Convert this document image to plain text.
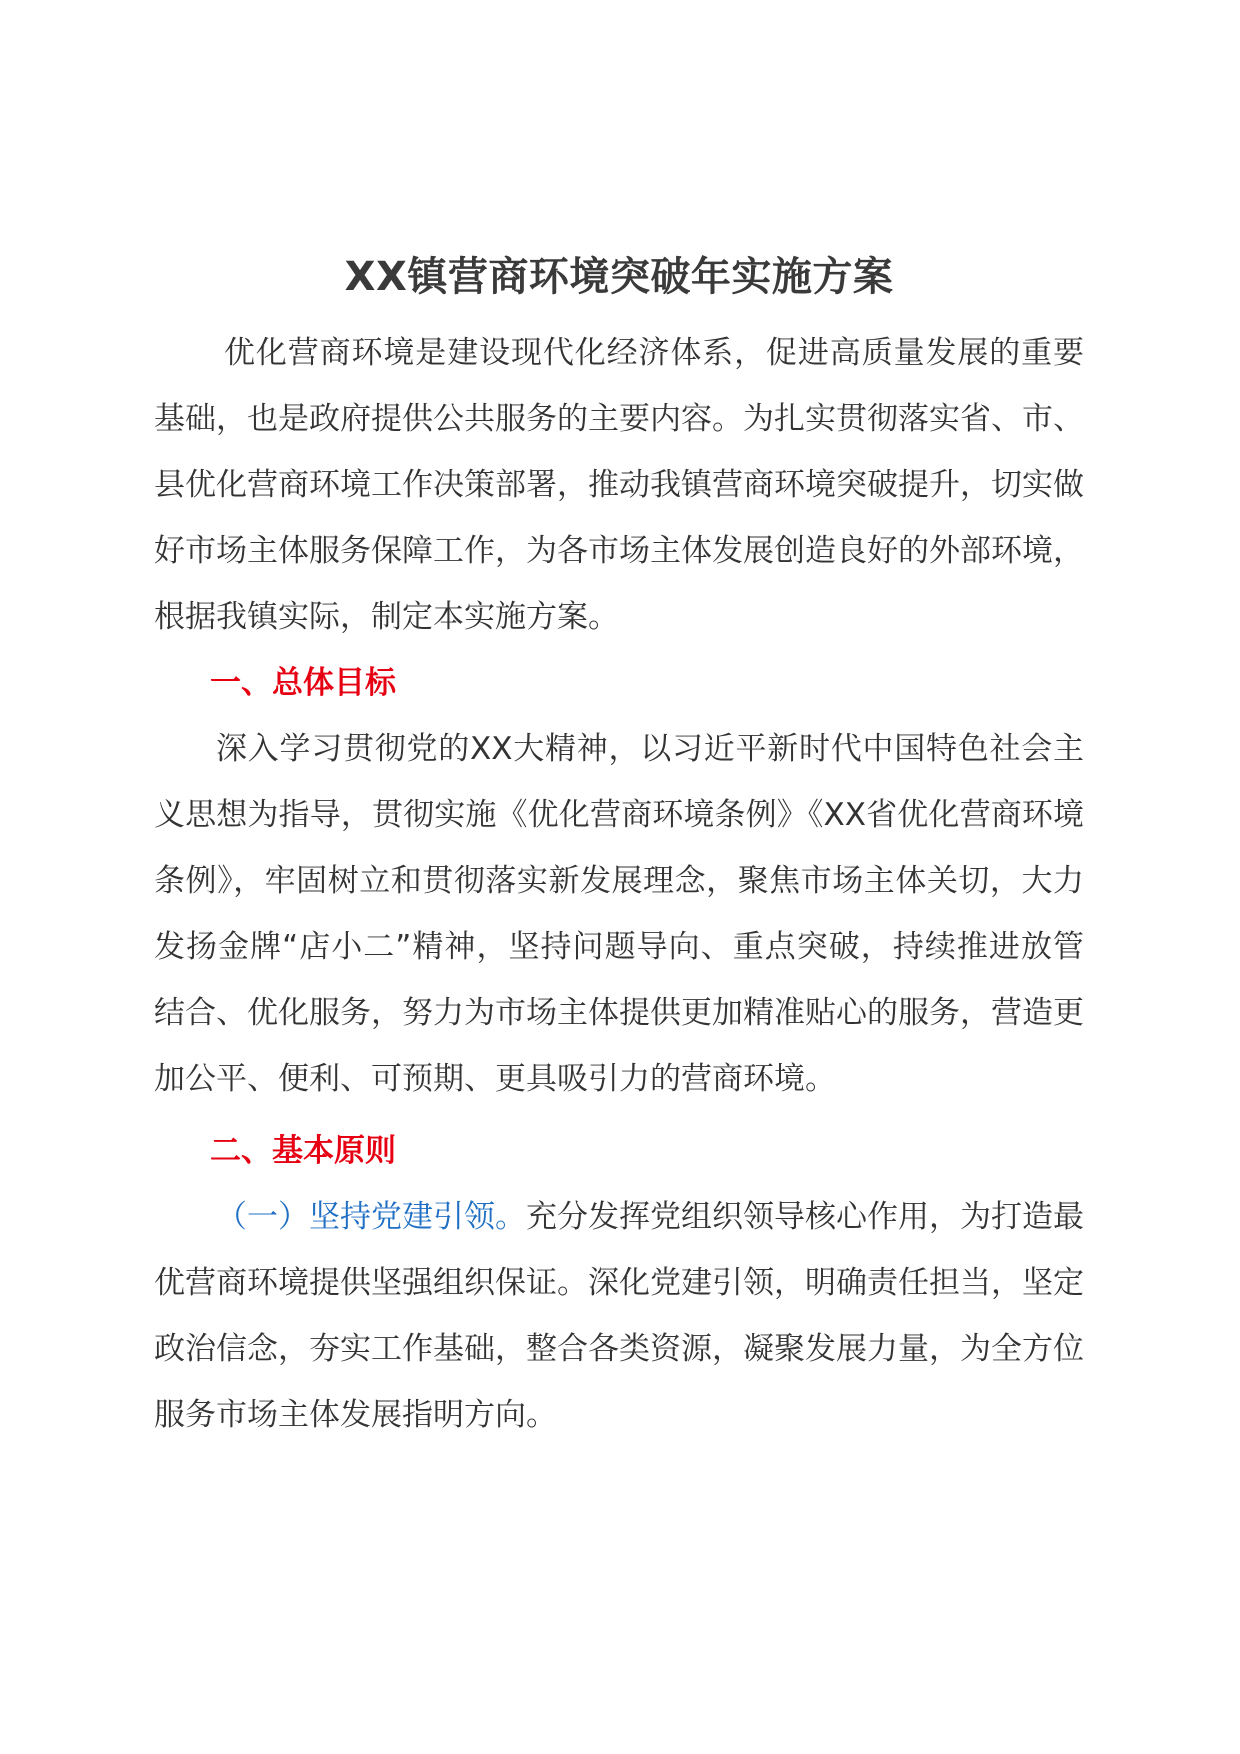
XX镇营商环境突破年实施方案

优化营商环境是建设现代化经济体系，促进高质量发展的重要基础，也是政府提供公共服务的主要内容。为扎实贯彻落实省、市、县优化营商环境工作决策部署，推动我镇营商环境突破提升，切实做好市场主体服务保障工作，为各市场主体发展创造良好的外部环境，根据我镇实际，制定本实施方案。

一、总体目标

深入学习贯彻党的XX大精神，以习近平新时代中国特色社会主义思想为指导，贯彻实施《优化营商环境条例》《XX省优化营商环境条例》，牢固树立和贯彻落实新发展理念，聚焦市场主体关切，大力发扬金牌“店小二”精神，坚持问题导向、重点突破，持续推进放管结合、优化服务，努力为市场主体提供更加精准贴心的服务，营造更加公平、便利、可预期、更具吸引力的营商环境。

二、基本原则

（一）坚持党建引领。充分发挥党组织领导核心作用，为打造最优营商环境提供坚强组织保证。深化党建引领，明确责任担当，坚定政治信念，夯实工作基础，整合各类资源，凝聚发展力量，为全方位服务市场主体发展指明方向。
